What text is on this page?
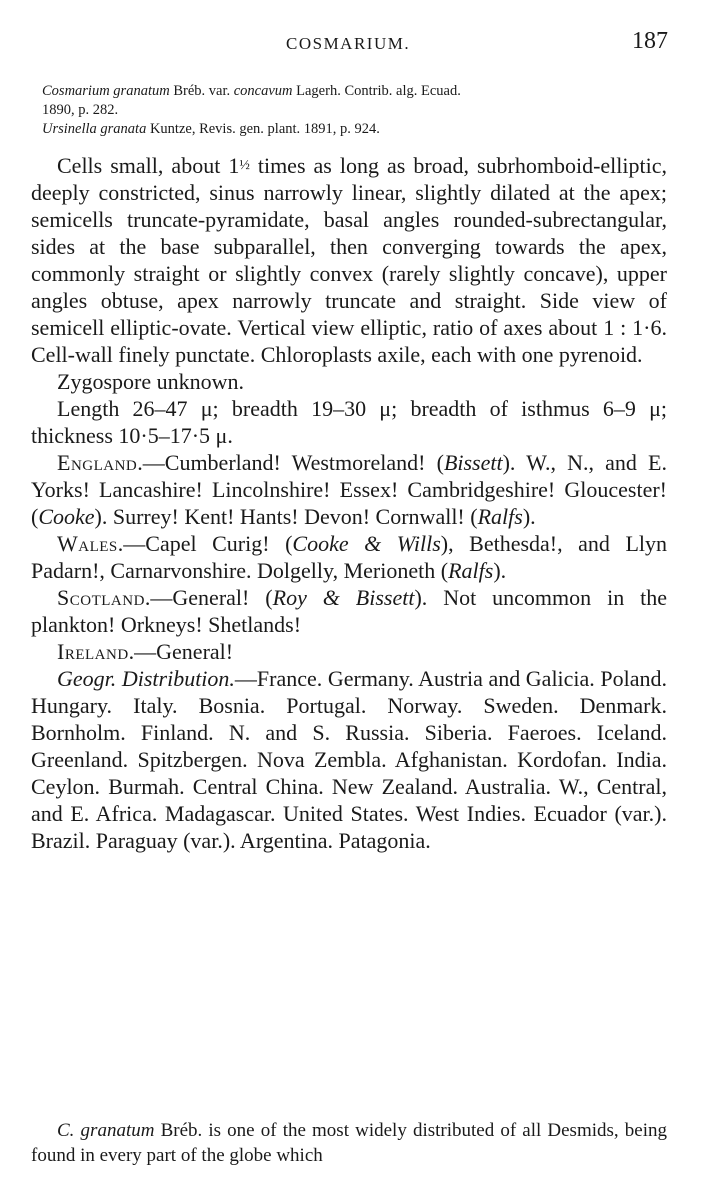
COSMARIUM.	187
Cosmarium granatum Bréb. var. concavum Lagerh. Contrib. alg. Ecuad.
1890, p. 282.
Ursinella granata Kuntze, Revis. gen. plant. 1891, p. 924.

Cells small, about 1½ times as long as broad, subrhomboid-elliptic, deeply constricted, sinus narrowly linear, slightly dilated at the apex; semicells truncate-pyramidate, basal angles rounded-subrectangular, sides at the base subparallel, then converging towards the apex, commonly straight or slightly convex (rarely slightly concave), upper angles obtuse, apex narrowly truncate and straight. Side view of semicell elliptic-ovate. Vertical view elliptic, ratio of axes about 1 : 1·6. Cell-wall finely punctate. Chloroplasts axile, each with one pyrenoid.

Zygospore unknown.

Length 26–47 μ; breadth 19–30 μ; breadth of isthmus 6–9 μ; thickness 10·5–17·5 μ.

England.—Cumberland! Westmoreland! (Bissett). W., N., and E. Yorks! Lancashire! Lincolnshire! Essex! Cambridgeshire! Gloucester! (Cooke). Surrey! Kent! Hants! Devon! Cornwall! (Ralfs).

Wales.—Capel Curig! (Cooke & Wills), Bethesda!, and Llyn Padarn!, Carnarvonshire. Dolgelly, Merioneth (Ralfs).

Scotland.—General! (Roy & Bissett). Not uncommon in the plankton! Orkneys! Shetlands!

Ireland.—General!

Geogr. Distribution.—France. Germany. Austria and Galicia. Poland. Hungary. Italy. Bosnia. Portugal. Norway. Sweden. Denmark. Bornholm. Finland. N. and S. Russia. Siberia. Faeroes. Iceland. Greenland. Spitzbergen. Nova Zembla. Afghanistan. Kordofan. India. Ceylon. Burmah. Central China. New Zealand. Australia. W., Central, and E. Africa. Madagascar. United States. West Indies. Ecuador (var.). Brazil. Paraguay (var.). Argentina. Patagonia.

C. granatum Bréb. is one of the most widely distributed of all Desmids, being found in every part of the globe which
